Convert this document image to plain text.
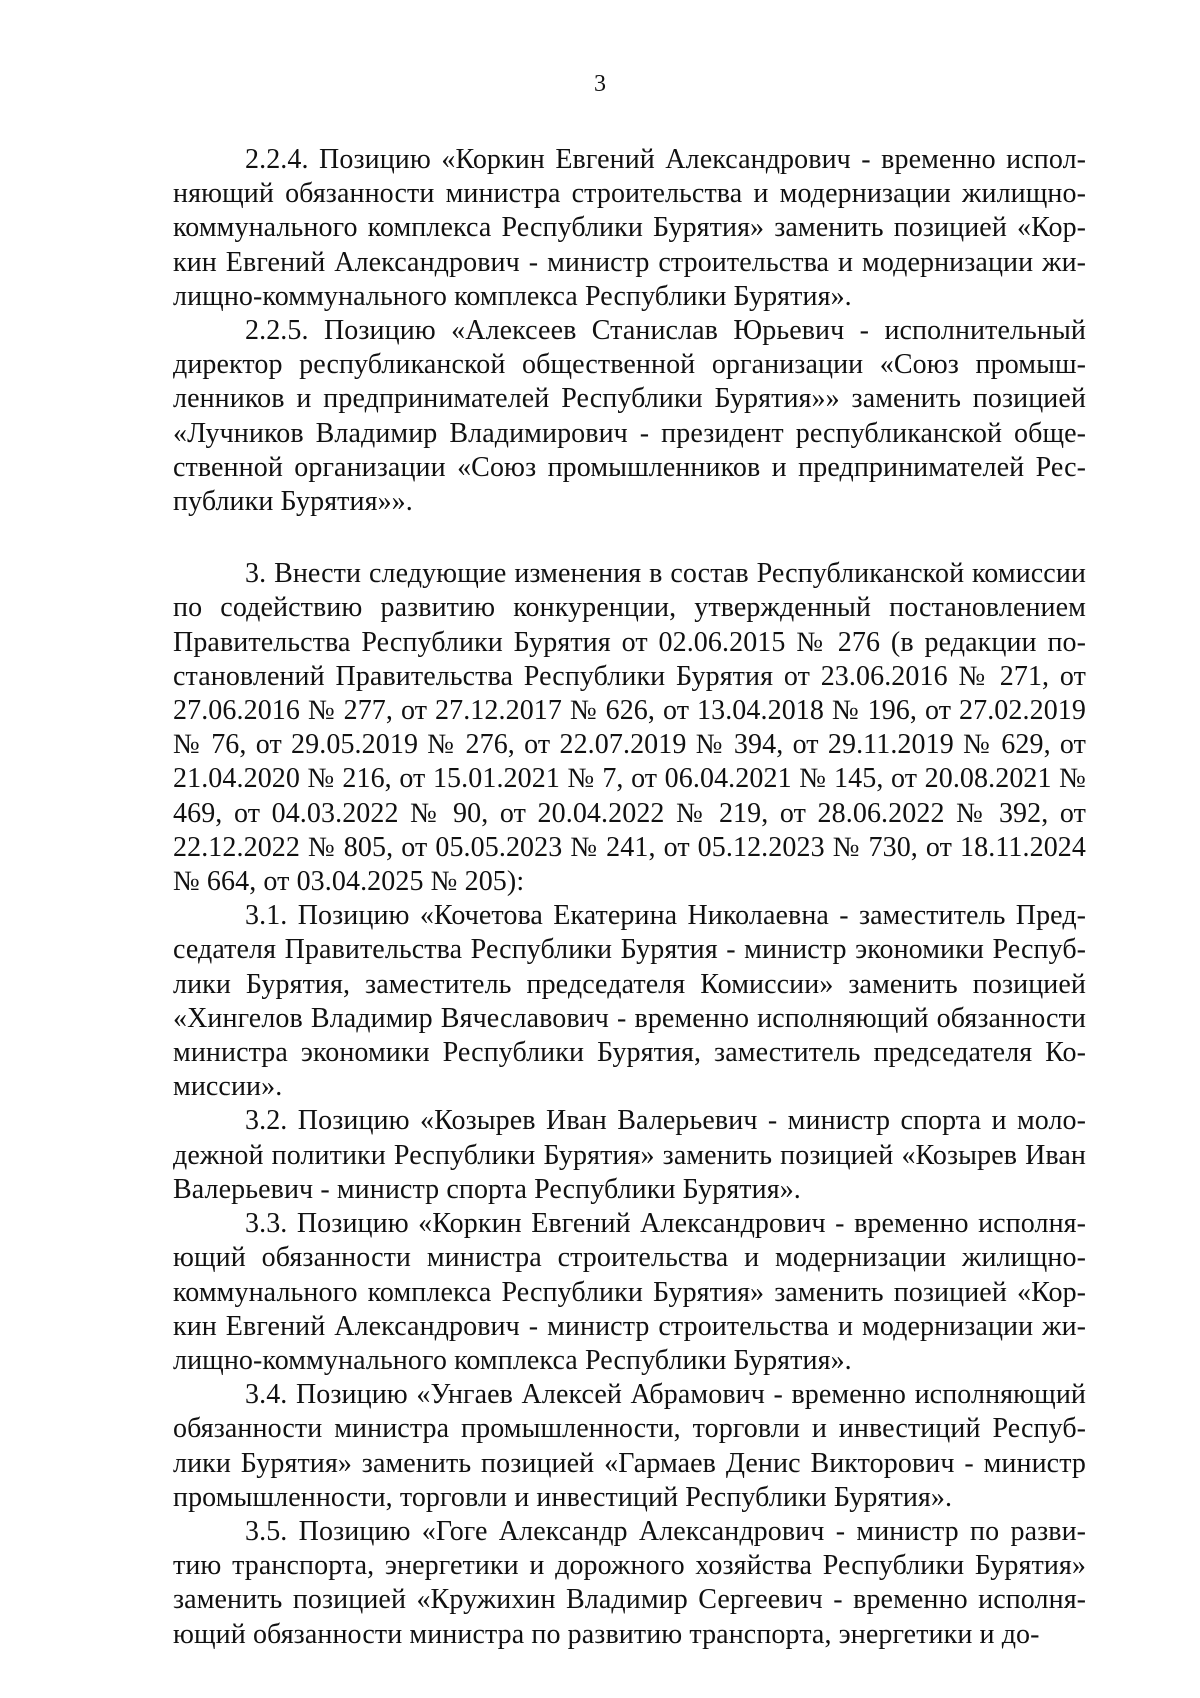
3

2.2.4. Позицию «Коркин Евгений Александрович - временно исполняющий обязанности министра строительства и модернизации жилищно-коммунального комплекса Республики Бурятия» заменить позицией «Коркин Евгений Александрович - министр строительства и модернизации жилищно-коммунального комплекса Республики Бурятия».

2.2.5. Позицию «Алексеев Станислав Юрьевич - исполнительный директор республиканской общественной организации «Союз промышленников и предпринимателей Республики Бурятия»» заменить позицией «Лучников Владимир Владимирович - президент республиканской общественной организации «Союз промышленников и предпринимателей Республики Бурятия»».

3. Внести следующие изменения в состав Республиканской комиссии по содействию развитию конкуренции, утвержденный постановлением Правительства Республики Бурятия от 02.06.2015 № 276 (в редакции постановлений Правительства Республики Бурятия от 23.06.2016 № 271, от 27.06.2016 № 277, от 27.12.2017 № 626, от 13.04.2018 № 196, от 27.02.2019 № 76, от 29.05.2019 № 276, от 22.07.2019 № 394, от 29.11.2019 № 629, от 21.04.2020 № 216, от 15.01.2021 № 7, от 06.04.2021 № 145, от 20.08.2021 № 469, от 04.03.2022 № 90, от 20.04.2022 № 219, от 28.06.2022 № 392, от 22.12.2022 № 805, от 05.05.2023 № 241, от 05.12.2023 № 730, от 18.11.2024 № 664, от 03.04.2025 № 205):

3.1. Позицию «Кочетова Екатерина Николаевна - заместитель Председателя Правительства Республики Бурятия - министр экономики Республики Бурятия, заместитель председателя Комиссии» заменить позицией «Хингелов Владимир Вячеславович - временно исполняющий обязанности министра экономики Республики Бурятия, заместитель председателя Комиссии».

3.2. Позицию «Козырев Иван Валерьевич - министр спорта и молодежной политики Республики Бурятия» заменить позицией «Козырев Иван Валерьевич - министр спорта Республики Бурятия».

3.3. Позицию «Коркин Евгений Александрович - временно исполняющий обязанности министра строительства и модернизации жилищно-коммунального комплекса Республики Бурятия» заменить позицией «Коркин Евгений Александрович - министр строительства и модернизации жилищно-коммунального комплекса Республики Бурятия».

3.4. Позицию «Унгаев Алексей Абрамович - временно исполняющий обязанности министра промышленности, торговли и инвестиций Республики Бурятия» заменить позицией «Гармаев Денис Викторович - министр промышленности, торговли и инвестиций Республики Бурятия».

3.5. Позицию «Гоге Александр Александрович - министр по развитию транспорта, энергетики и дорожного хозяйства Республики Бурятия» заменить позицией «Кружихин Владимир Сергеевич - временно исполняющий обязанности министра по развитию транспорта, энергетики и до-
